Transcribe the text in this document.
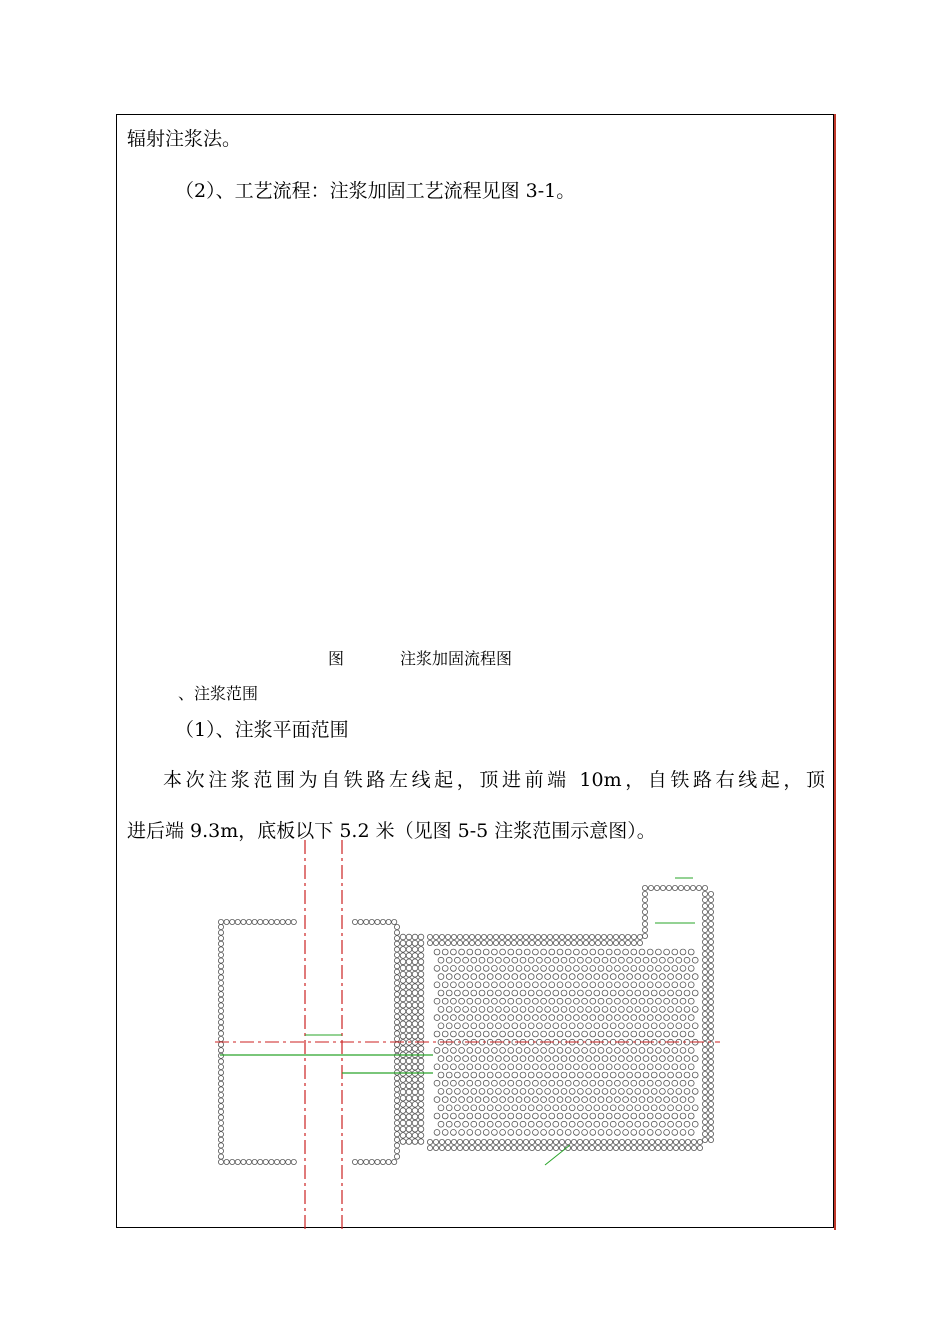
辐射注浆法。
（2）、工艺流程：注浆加固工艺流程见图 3-1。
图	注浆加固流程图
、注浆范围
（1）、注浆平面范围
本次注浆范围为自铁路左线起，顶进前端 10m，自铁路右线起，顶
进后端 9.3m，底板以下 5.2 米（见图 5-5 注浆范围示意图）。
